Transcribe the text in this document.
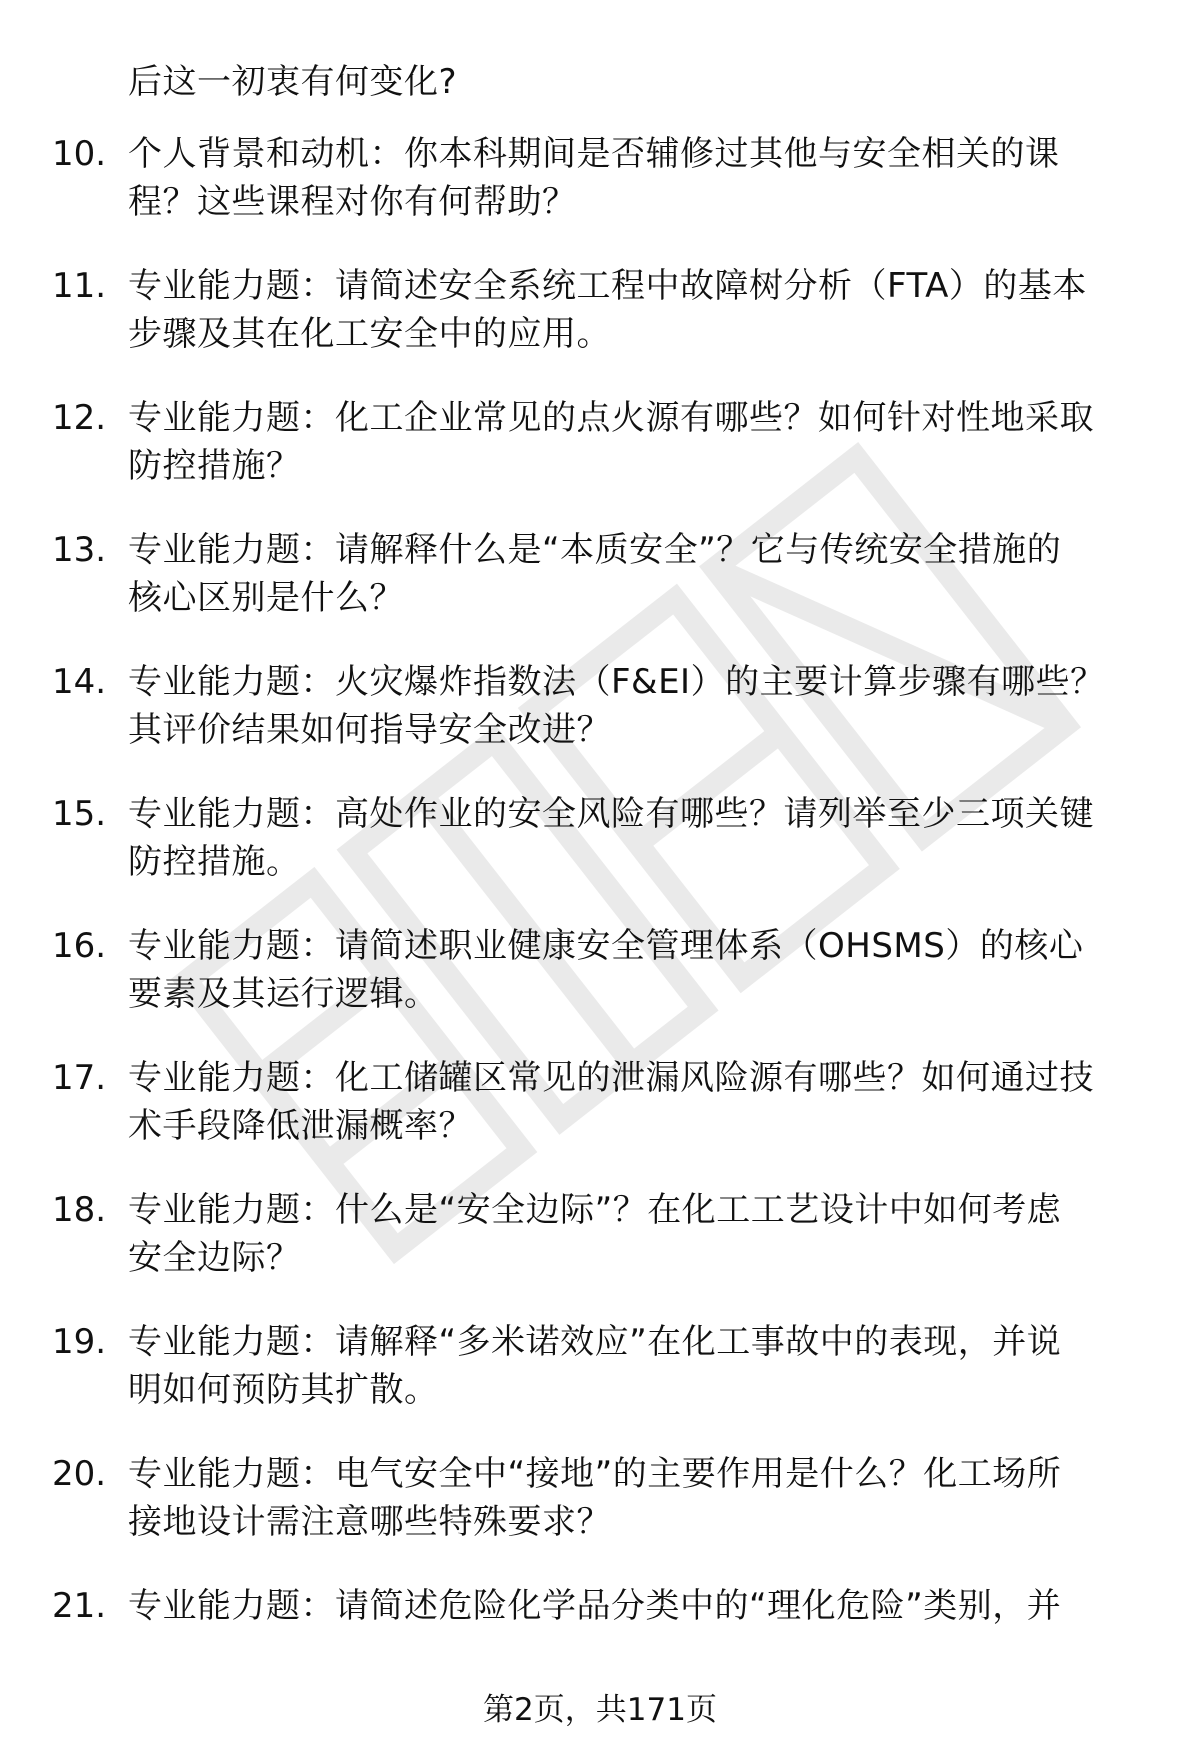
后这一初衷有何变化?
10. 个人背景和动机：你本科期间是否辅修过其他与安全相关的课
程？这些课程对你有何帮助？
11. 专业能力题：请简述安全系统工程中故障树分析（FTA）的基本
步骤及其在化工安全中的应用。
12. 专业能力题：化工企业常见的点火源有哪些？如何针对性地采取
防控措施？
13. 专业能力题：请解释什么是“本质安全”？它与传统安全措施的
核心区别是什么？
14. 专业能力题：火灾爆炸指数法（F&EI）的主要计算步骤有哪些？
其评价结果如何指导安全改进？
15. 专业能力题：高处作业的安全风险有哪些？请列举至少三项关键
防控措施。
16. 专业能力题：请简述职业健康安全管理体系（OHSMS）的核心
要素及其运行逻辑。
17. 专业能力题：化工储罐区常见的泄漏风险源有哪些？如何通过技
术手段降低泄漏概率？
18. 专业能力题：什么是“安全边际”？在化工工艺设计中如何考虑
安全边际？
19. 专业能力题：请解释“多米诺效应”在化工事故中的表现，并说
明如何预防其扩散。
20. 专业能力题：电气安全中“接地”的主要作用是什么？化工场所
接地设计需注意哪些特殊要求？
21. 专业能力题：请简述危险化学品分类中的“理化危险”类别，并
第2页，共171页
